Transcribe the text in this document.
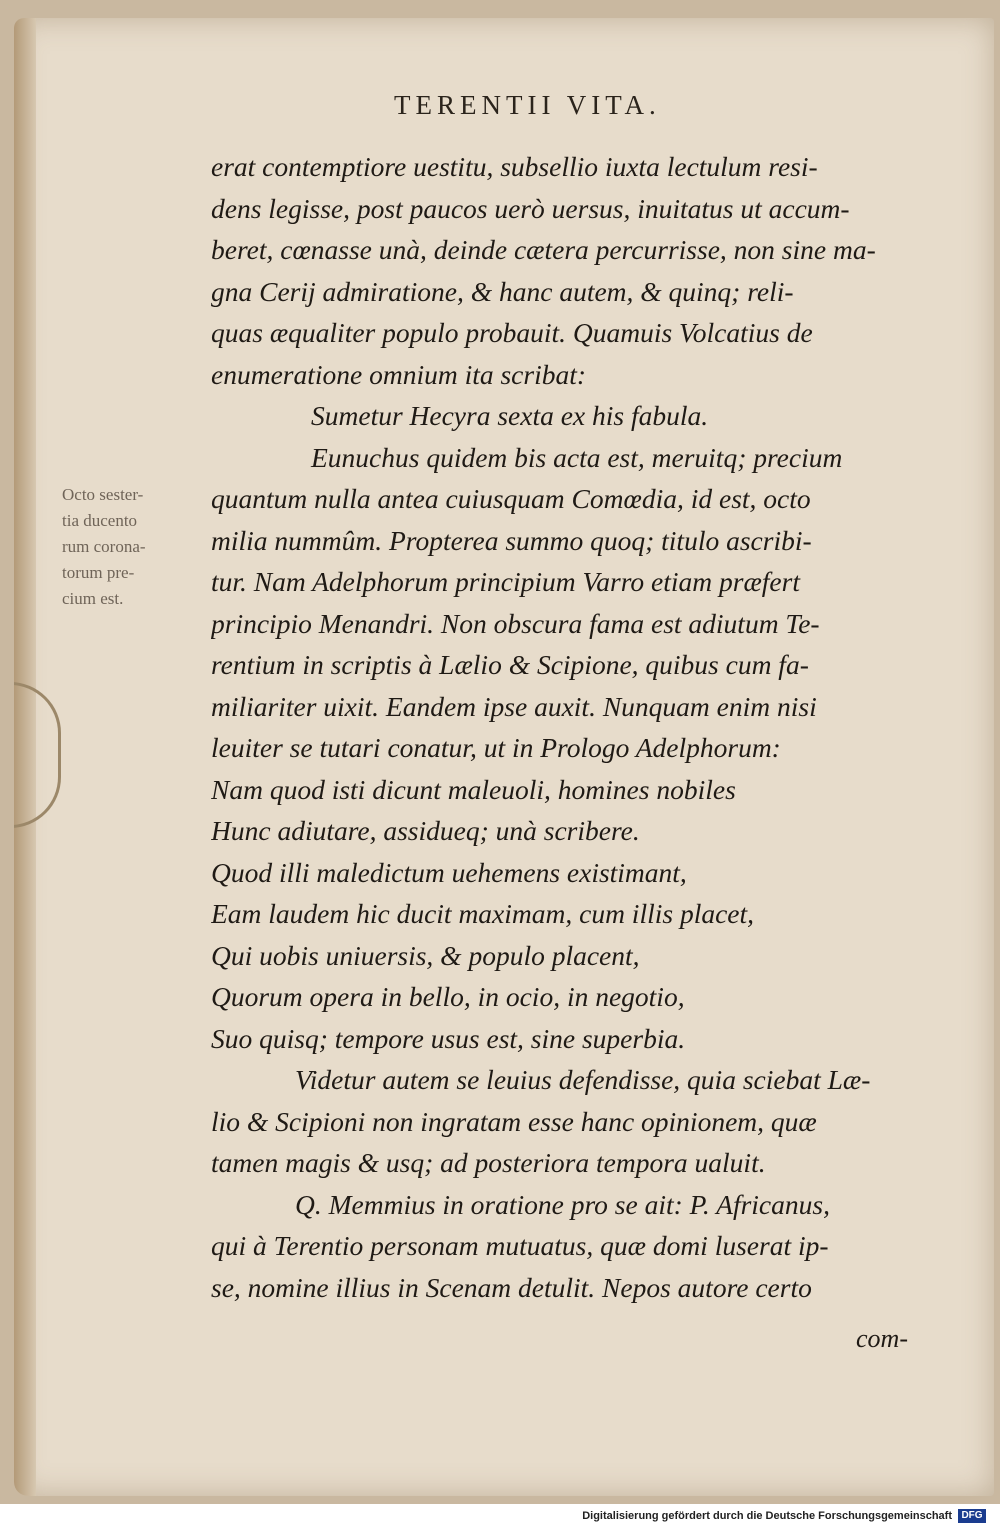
TERENTII VITA.
Octo sester-
tia ducento
rum corona-
torum pre-
cium est.
erat contemptiore uestitu, subsellio iuxta lectulum resi-
dens legisse, post paucos uerò uersus, inuitatus ut accum-
beret, cœnasse unà, deinde cætera percurrisse, non sine ma-
gna Cerij admiratione, & hanc autem, & quinq; reli-
quas æqualiter populo probauit. Quamuis Volcatius de
enumeratione omnium ita scribat:
Sumetur Hecyra sexta ex his fabula.
Eunuchus quidem bis acta est, meruitq; precium
quantum nulla antea cuiusquam Comœdia, id est, octo
milia nummûm. Propterea summo quoq; titulo ascribi-
tur. Nam Adelphorum principium Varro etiam præfert
principio Menandri. Non obscura fama est adiutum Te-
rentium in scriptis à Lælio & Scipione, quibus cum fa-
miliariter uixit. Eandem ipse auxit. Nunquam enim nisi
leuiter se tutari conatur, ut in Prologo Adelphorum:
Nam quod isti dicunt maleuoli, homines nobiles
Hunc adiutare, assidueq; unà scribere.
Quod illi maledictum uehemens existimant,
Eam laudem hic ducit maximam, cum illis placet,
Qui uobis uniuersis, & populo placent,
Quorum opera in bello, in ocio, in negotio,
Suo quisq; tempore usus est, sine superbia.
Videtur autem se leuius defendisse, quia sciebat Læ-
lio & Scipioni non ingratam esse hanc opinionem, quæ
tamen magis & usq; ad posteriora tempora ualuit.
Q. Memmius in oratione pro se ait: P. Africanus,
qui à Terentio personam mutuatus, quæ domi luserat ip-
se, nomine illius in Scenam detulit. Nepos autore certo
com-
Digitalisierung gefördert durch die Deutsche Forschungsgemeinschaft DFG
